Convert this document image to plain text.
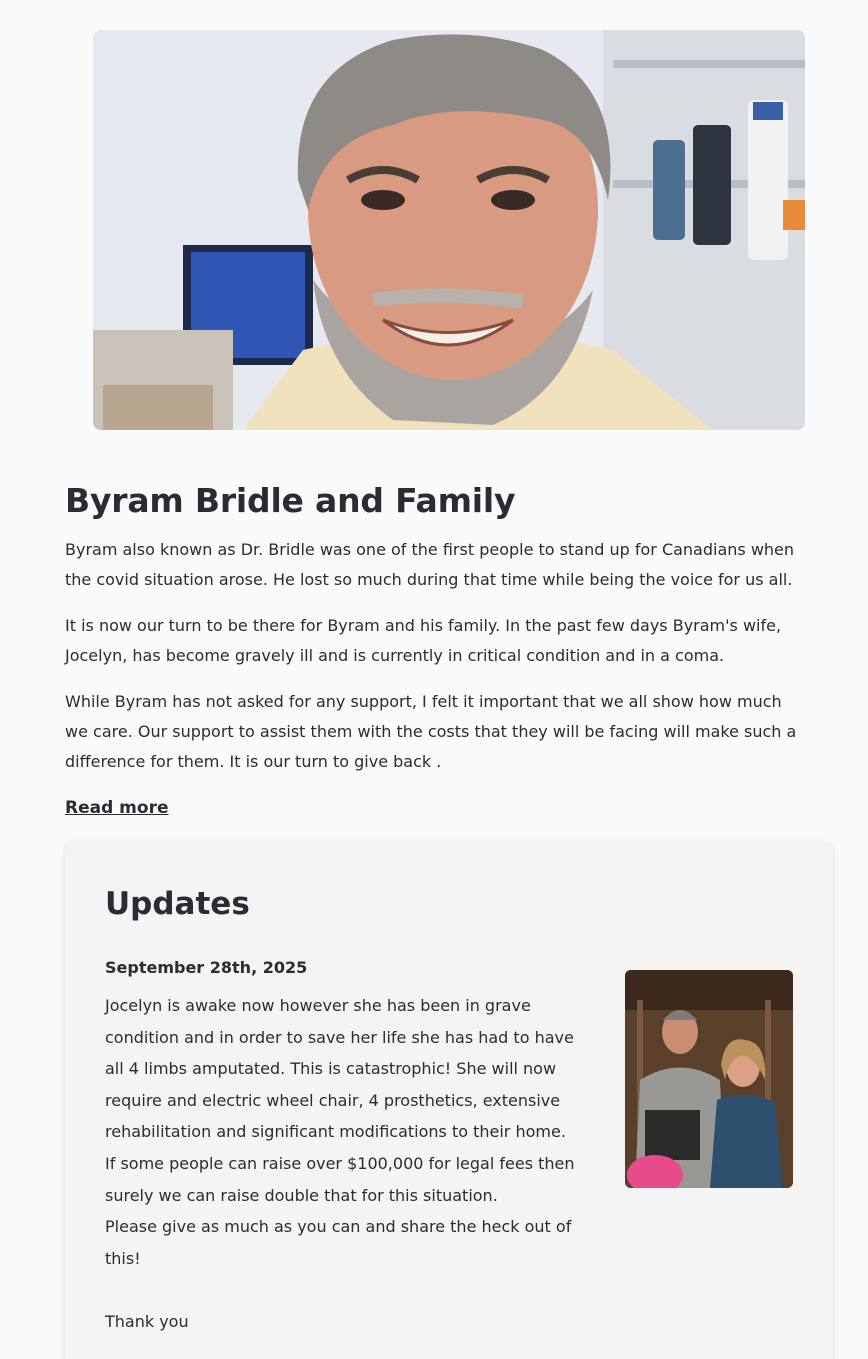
Byram Bridle and Family

Byram also known as Dr. Bridle was one of the first people to stand up for Canadians when the covid situation arose. He lost so much during that time while being the voice for us all.

It is now our turn to be there for Byram and his family. In the past few days Byram's wife, Jocelyn, has become gravely ill and is currently in critical condition and in a coma.

While Byram has not asked for any support, I felt it important that we all show how much we care. Our support to assist them with the costs that they will be facing will make such a difference for them. It is our turn to give back .

Read more
Updates
September 28th, 2025
Jocelyn is awake now however she has been in grave condition and in order to save her life she has had to have all 4 limbs amputated. This is catastrophic! She will now require and electric wheel chair, 4 prosthetics, extensive rehabilitation and significant modifications to their home.
If some people can raise over $100,000 for legal fees then surely we can raise double that for this situation.
Please give as much as you can and share the heck out of this!
Thank you
